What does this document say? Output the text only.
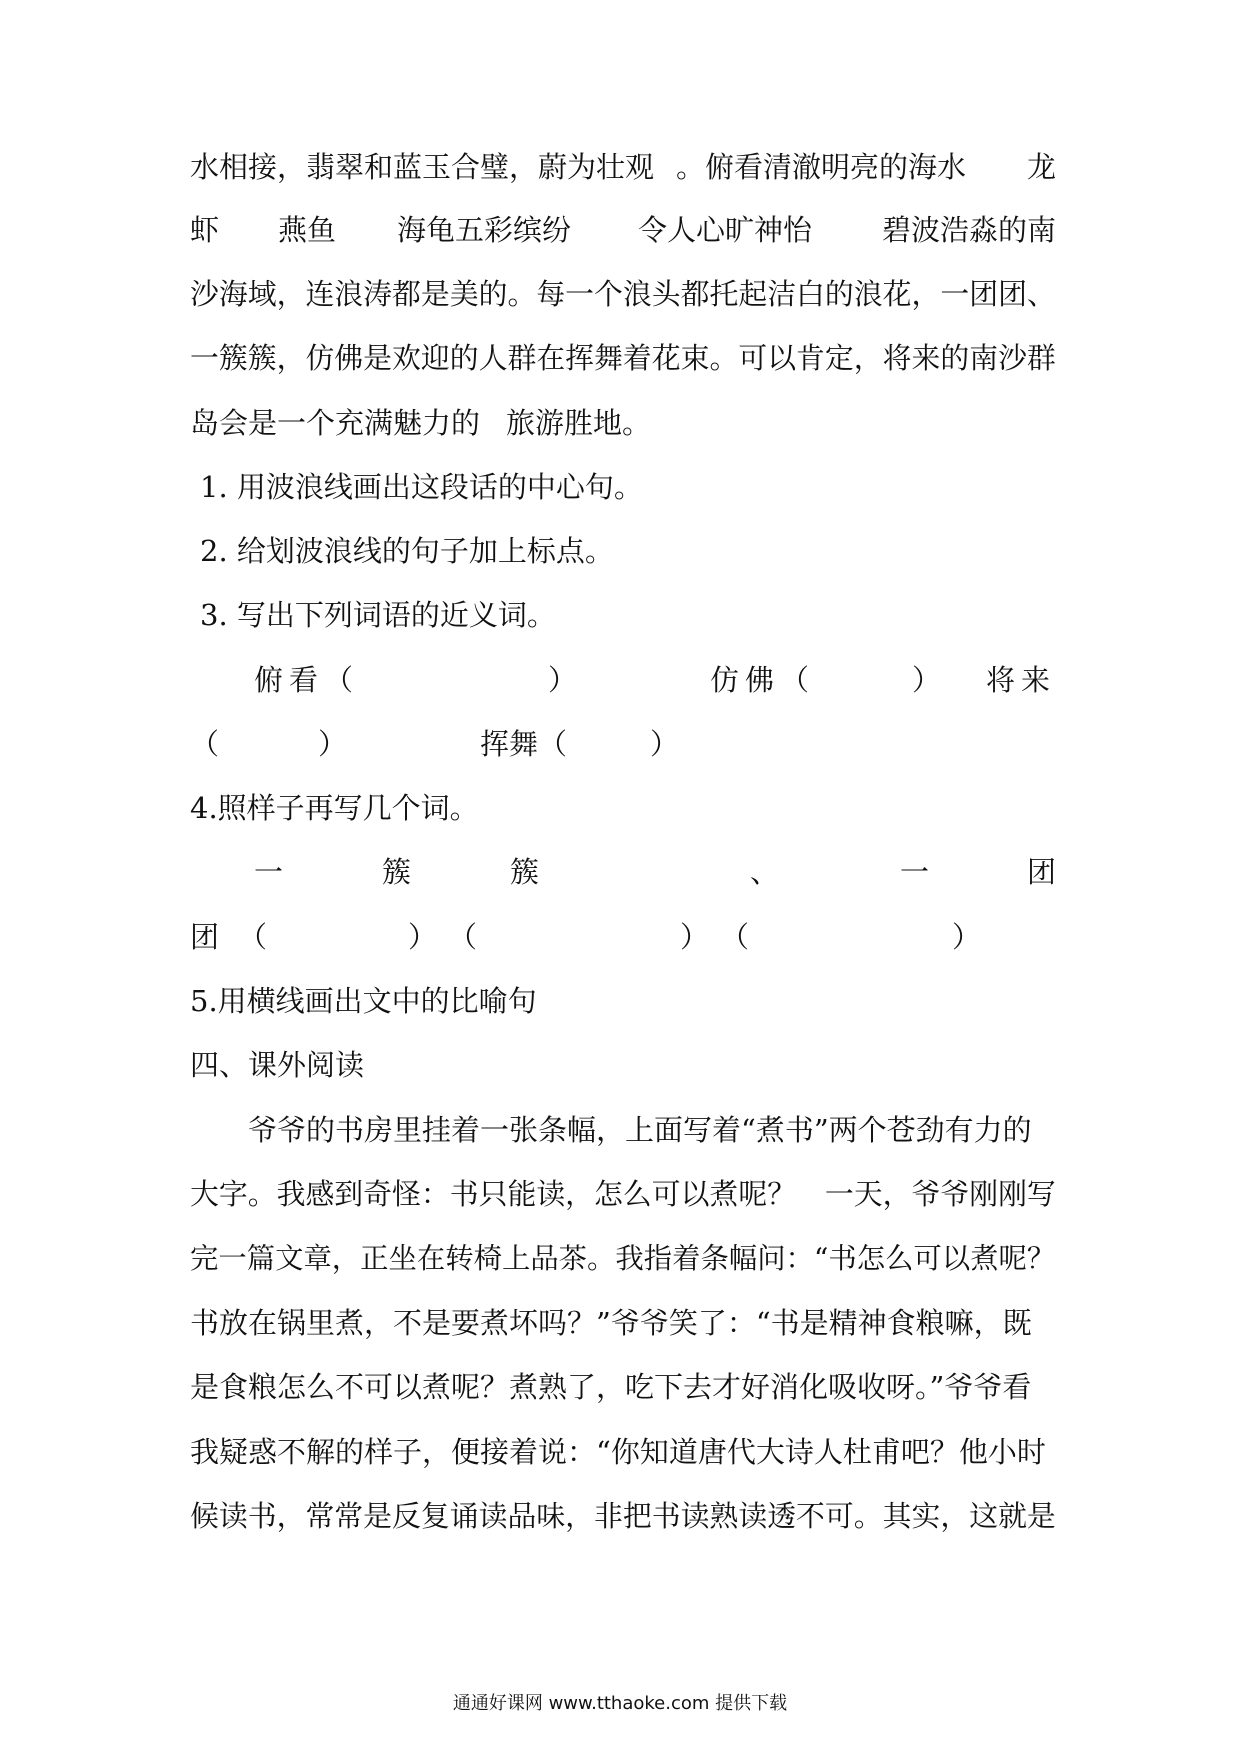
水相接，翡翠和蓝玉合璧，蔚为壮观 。俯看清澈明亮的海水 龙
虾 燕鱼 海龟五彩缤纷 令人心旷神怡 碧波浩淼的南
沙海域，连浪涛都是美的。每一个浪头都托起洁白的浪花，一团团、
一簇簇，仿佛是欢迎的人群在挥舞着花束。可以肯定，将来的南沙群
岛会是一个充满魅力的 旅游胜地。
1. 用波浪线画出这段话的中心句。
2. 给划波浪线的句子加上标点。
3. 写出下列词语的近义词。
俯看（	）	仿佛（	） 将来
（	）	挥舞（	）
4.照样子再写几个词。
一	簇	簇	、	一	团
团 （	） （	） （	）
5.用横线画出文中的比喻句
四、课外阅读
爷爷的书房里挂着一张条幅，上面写着“煮书”两个苍劲有力的
大字。我感到奇怪：书只能读，怎么可以煮呢？　一天，爷爷刚刚写
完一篇文章，正坐在转椅上品茶。我指着条幅问：“书怎么可以煮呢？
书放在锅里煮，不是要煮坏吗？”爷爷笑了：“书是精神食粮嘛，既
是食粮怎么不可以煮呢？煮熟了，吃下去才好消化吸收呀。”爷爷看
我疑惑不解的样子，便接着说：“你知道唐代大诗人杜甫吧？他小时
候读书，常常是反复诵读品味，非把书读熟读透不可。其实，这就是
通通好课网 www.tthaoke.com 提供下载
